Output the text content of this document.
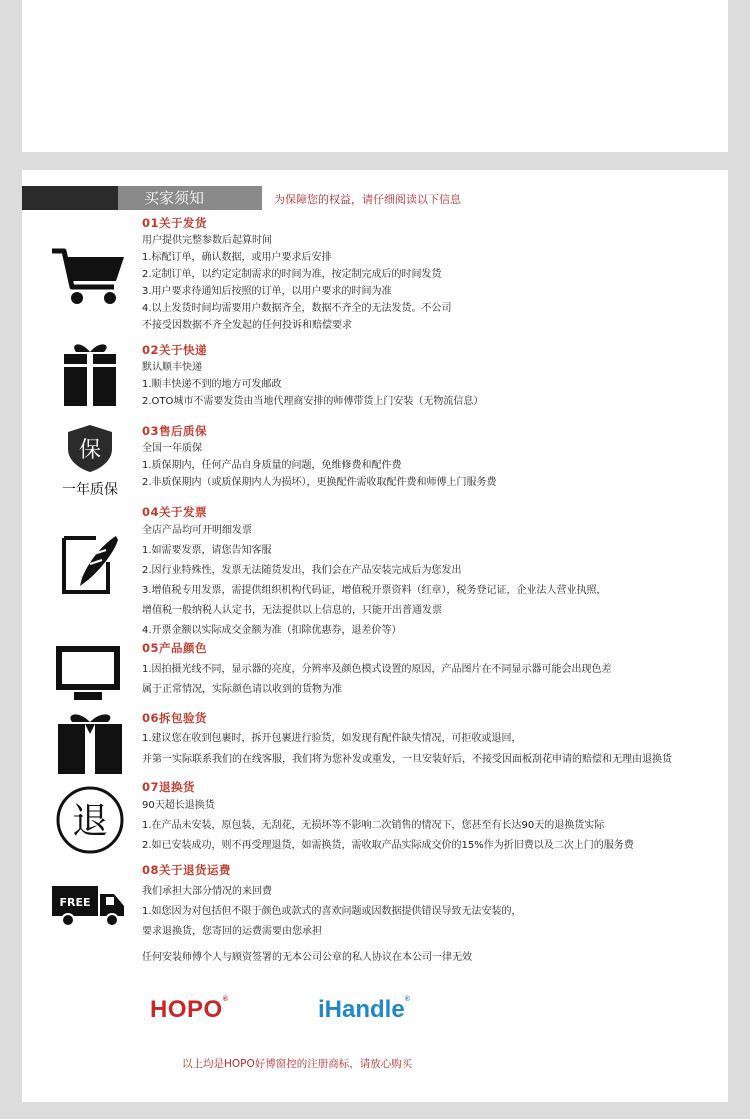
买家须知	为保障您的权益，请仔细阅读以下信息
01关于发货
用户提供完整参数后起算时间
1.标配订单，确认数据，或用户要求后安排
2.定制订单，以约定定制需求的时间为准，按定制完成后的时间发货
3.用户要求待通知后按照的订单，以用户要求的时间为准
4.以上发货时间均需要用户数据齐全，数据不齐全的无法发货。不公司
不接受因数据不齐全发起的任何投诉和赔偿要求
02关于快递
默认顺丰快递
1.顺丰快递不到的地方可发邮政
2.OTO城市不需要发货由当地代理商安排的师傅带货上门安装（无物流信息）
保
一年质保
03售后质保
全国一年质保
1.质保期内，任何产品自身质量的问题，免维修费和配件费
2.非质保期内（或质保期内人为损坏），更换配件需收取配件费和师傅上门服务费
04关于发票
全店产品均可开明细发票
1.如需要发票，请您告知客服
2.因行业特殊性，发票无法随货发出，我们会在产品安装完成后为您发出
3.增值税专用发票，需提供组织机构代码证，增值税开票资料（红章），税务登记证，企业法人营业执照，
增值税一般纳税人认定书，无法提供以上信息的，只能开出普通发票
4.开票金额以实际成交金额为准（扣除优惠券，退差价等）
05产品颜色
1.因拍摄光线不同，显示器的亮度，分辨率及颜色模式设置的原因，产品图片在不同显示器可能会出现色差
属于正常情况，实际颜色请以收到的货物为准
06拆包验货
1.建议您在收到包裹时，拆开包裹进行验货，如发现有配件缺失情况，可拒收或退回，
并第一实际联系我们的在线客服，我们将为您补发或重发，一旦安装好后，不接受因面板刮花申请的赔偿和无理由退换货
退
07退换货
90天超长退换货
1.在产品未安装，原包装，无刮花，无损坏等不影响二次销售的情况下，您甚至有长达90天的退换货实际
2.如已安装成功，则不再受理退货，如需换货，需收取产品实际成交价的15%作为折旧费以及二次上门的服务费
FREE
08关于退货运费
我们承担大部分情况的来回费
1.如您因为对包括但不限于颜色或款式的喜欢问题或因数据提供错误导致无法安装的，
要求退换货，您寄回的运费需要由您承担
任何安装师傅个人与顾资签署的无本公司公章的私人协议在本公司一律无效
HOPO®	iHandle®
以上均是HOPO好博窗控的注册商标，请放心购买
